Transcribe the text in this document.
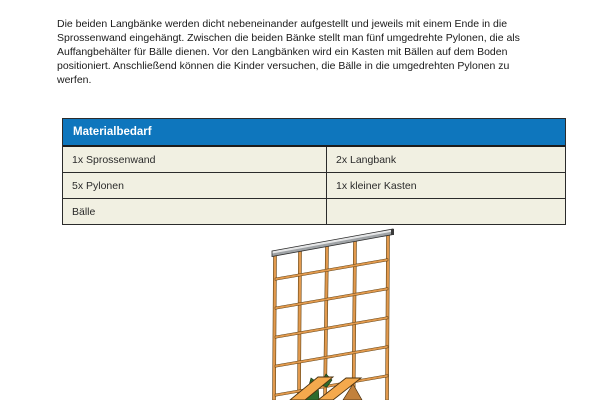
Die beiden Langbänke werden dicht nebeneinander aufgestellt und jeweils mit einem Ende in die
Sprossenwand eingehängt. Zwischen die beiden Bänke stellt man fünf umgedrehte Pylonen, die als
Auffangbehälter für Bälle dienen. Vor den Langbänken wird ein Kasten mit Bällen auf dem Boden
positioniert. Anschließend können die Kinder versuchen, die Bälle in die umgedrehten Pylonen zu
werfen.
Materialbedarf
1x Sprossenwand	2x Langbank
5x Pylonen	1x kleiner Kasten
Bälle
